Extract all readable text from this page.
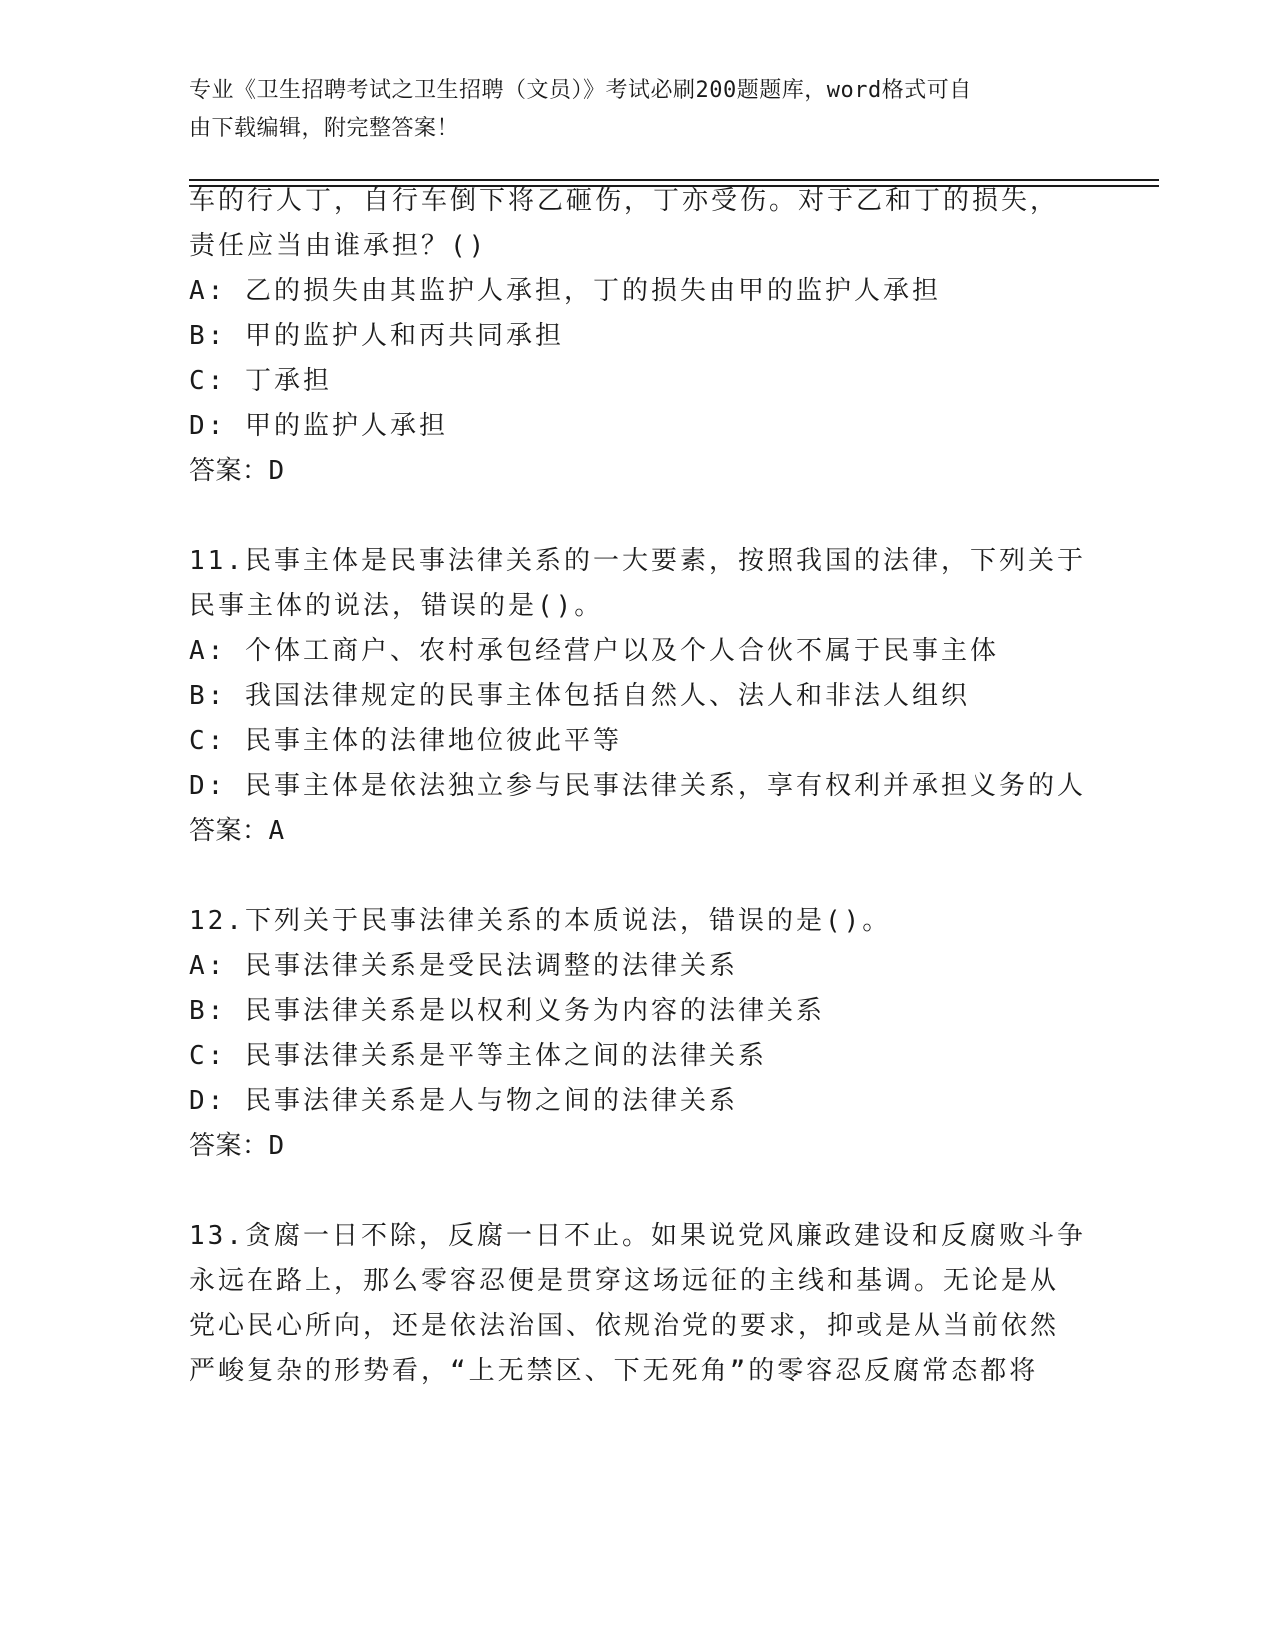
专业《卫生招聘考试之卫生招聘（文员）》考试必刷200题题库，word格式可自
由下载编辑，附完整答案！
车的行人丁，自行车倒下将乙砸伤，丁亦受伤。对于乙和丁的损失，
责任应当由谁承担？()
A: 乙的损失由其监护人承担，丁的损失由甲的监护人承担
B: 甲的监护人和丙共同承担
C: 丁承担
D: 甲的监护人承担
答案：D
11.民事主体是民事法律关系的一大要素，按照我国的法律，下列关于
民事主体的说法，错误的是()。
A: 个体工商户、农村承包经营户以及个人合伙不属于民事主体
B: 我国法律规定的民事主体包括自然人、法人和非法人组织
C: 民事主体的法律地位彼此平等
D: 民事主体是依法独立参与民事法律关系，享有权利并承担义务的人
答案：A
12.下列关于民事法律关系的本质说法，错误的是()。
A: 民事法律关系是受民法调整的法律关系
B: 民事法律关系是以权利义务为内容的法律关系
C: 民事法律关系是平等主体之间的法律关系
D: 民事法律关系是人与物之间的法律关系
答案：D
13.贪腐一日不除，反腐一日不止。如果说党风廉政建设和反腐败斗争
永远在路上，那么零容忍便是贯穿这场远征的主线和基调。无论是从
党心民心所向，还是依法治国、依规治党的要求，抑或是从当前依然
严峻复杂的形势看，“上无禁区、下无死角”的零容忍反腐常态都将
